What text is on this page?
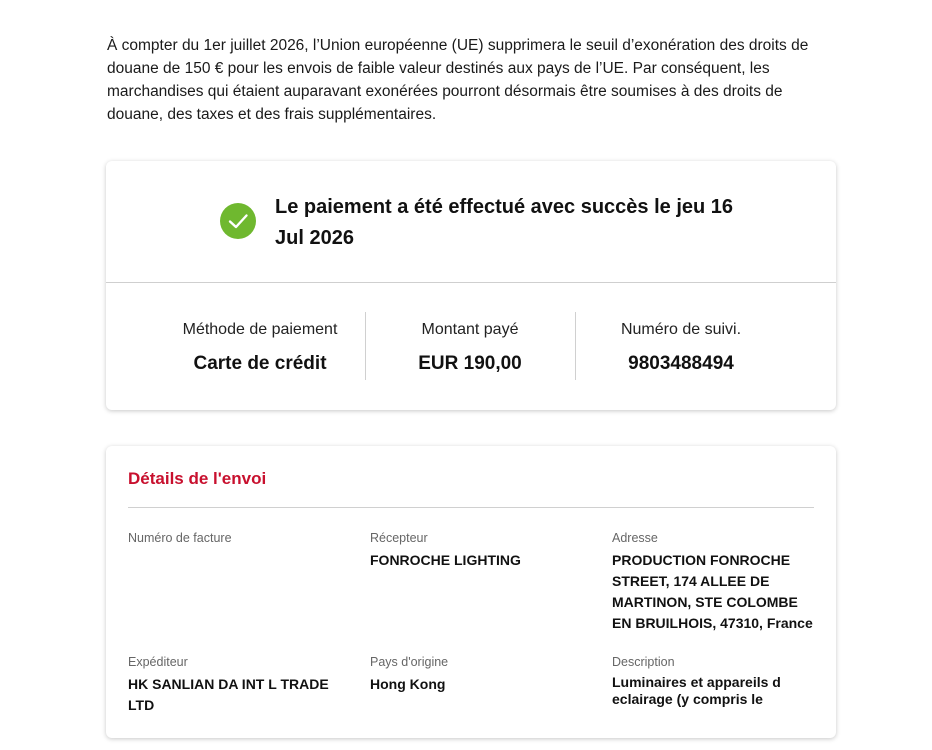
À compter du 1er juillet 2026, l’Union européenne (UE) supprimera le seuil d’exonération des droits de douane de 150 € pour les envois de faible valeur destinés aux pays de l’UE. Par conséquent, les marchandises qui étaient auparavant exonérées pourront désormais être soumises à des droits de douane, des taxes et des frais supplémentaires.

Le paiement a été effectué avec succès le jeu 16 Jul 2026
Méthode de paiement
Carte de crédit
Montant payé
EUR 190,00
Numéro de suivi.
9803488494
Détails de l'envoi
Numéro de facture	Récepteur
FONROCHE LIGHTING
Adresse
PRODUCTION FONROCHE STREET, 174 ALLEE DE MARTINON, STE COLOMBE EN BRUILHOIS, 47310, France
Expéditeur
HK SANLIAN DA INT L TRADE LTD
Pays d'origine
Hong Kong
Description
Luminaires et appareils d eclairage (y compris le
